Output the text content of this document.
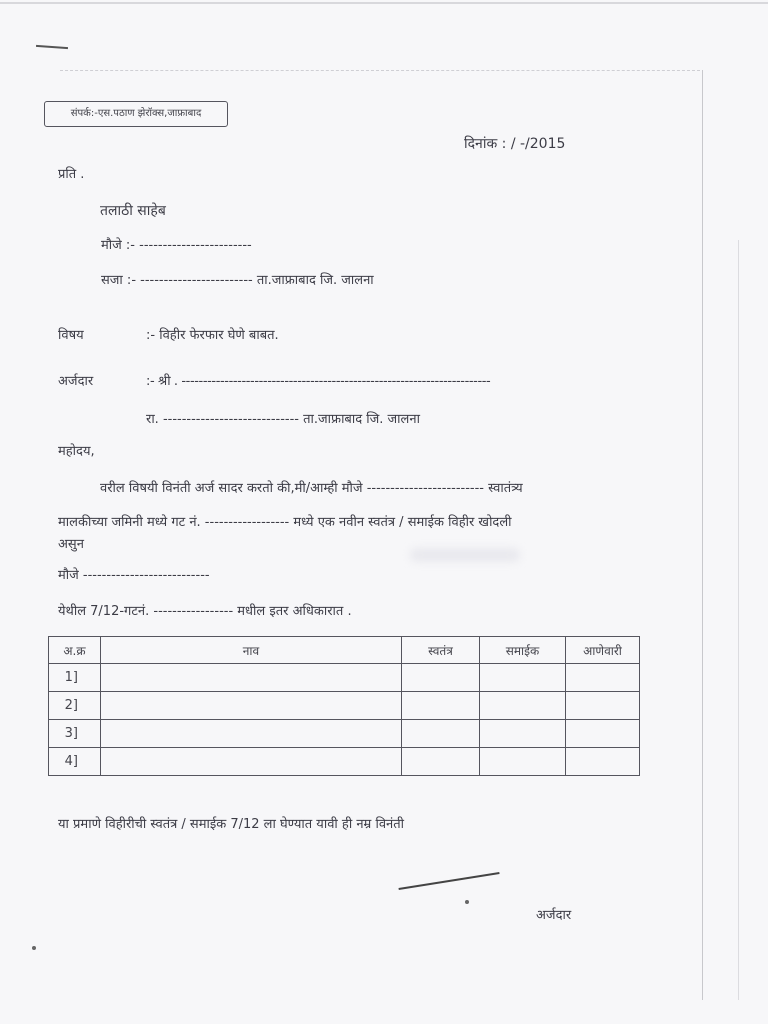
संपर्क:-एस.पठाण झेरॉक्स,जाफ्राबाद
दिनांक : / -/2015
प्रति .
तलाठी साहेब
मौजे :- ------------------------
सजा :- ------------------------ ता.जाफ्राबाद जि. जालना
विषय	:- विहीर फेरफार घेणे बाबत.
अर्जदार	:- श्री . ------------------------------------------------------------------------
रा. ----------------------------- ता.जाफ्राबाद जि. जालना
महोदय,
वरील विषयी विनंती अर्ज सादर करतो की,मी/आम्ही मौजे ------------------------- स्वातंत्र्य
मालकीच्या जमिनी मध्ये गट नं. ------------------ मध्ये एक नवीन स्वतंत्र / समाईक विहीर खोदली
असुन
मौजे ---------------------------
येथील 7/12-गटनं. ----------------- मधील इतर अधिकारात .
अ.क्र	नाव	स्वतंत्र	समाईक	आणेवारी
1]				
2]				
3]				
4]				
या प्रमाणे विहीरीची स्वतंत्र / समाईक 7/12 ला घेण्यात यावी ही नम्र विनंती
अर्जदार
